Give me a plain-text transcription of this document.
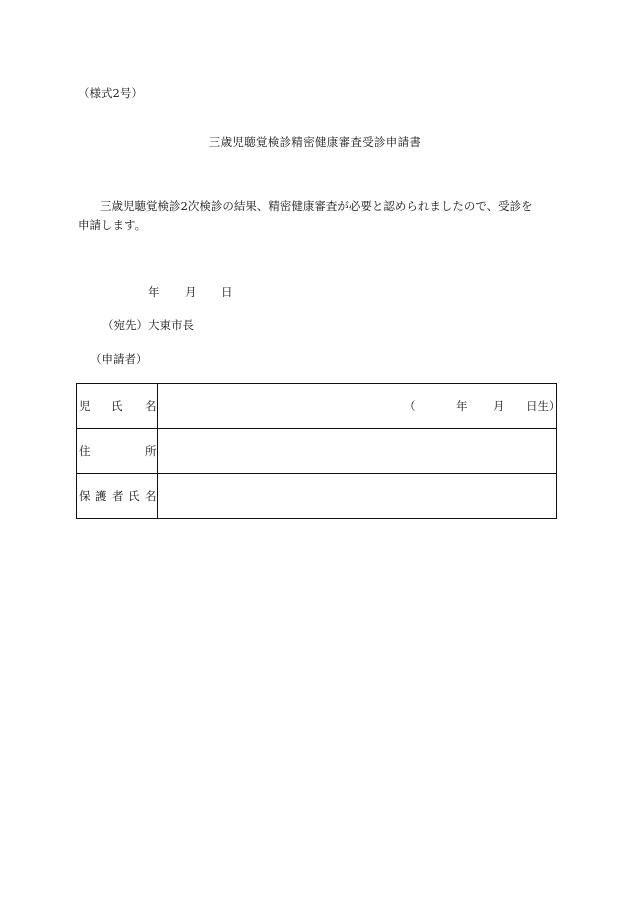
（様式2号）
三歳児聴覚検診精密健康審査受診申請書
三歳児聴覚検診2次検診の結果、精密健康審査が必要と認められましたので、受診を
申請します。
年 月 日
（宛先）大東市長
（申請者）
児 氏 名	（ 年 月 日生）

住 所	

保 護 者 氏 名	
